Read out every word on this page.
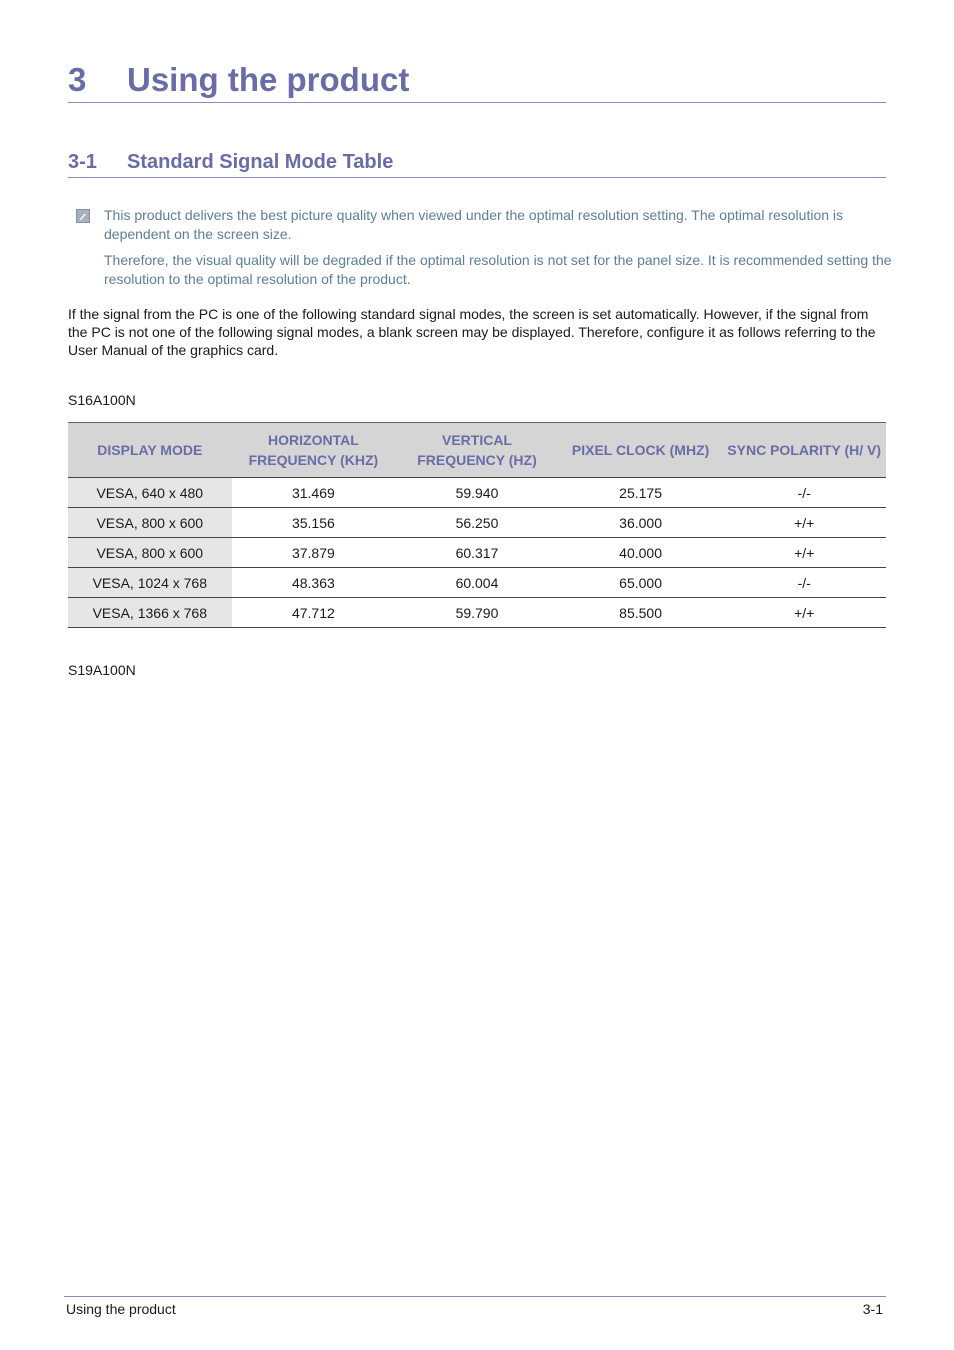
3	Using the product
3-1	Standard Signal Mode Table
This product delivers the best picture quality when viewed under the optimal resolution setting. The optimal resolution is dependent on the screen size.
Therefore, the visual quality will be degraded if the optimal resolution is not set for the panel size. It is recommended setting the resolution to the optimal resolution of the product.
If the signal from the PC is one of the following standard signal modes, the screen is set automatically. However, if the signal from the PC is not one of the following signal modes, a blank screen may be displayed. Therefore, configure it as follows referring to the User Manual of the graphics card.
S16A100N
DISPLAY MODE	HORIZONTAL FREQUENCY (KHZ)	VERTICAL FREQUENCY (HZ)	PIXEL CLOCK (MHZ)	SYNC POLARITY (H/ V)
VESA, 640 x 480	31.469	59.940	25.175	-/-
VESA, 800 x 600	35.156	56.250	36.000	+/+
VESA, 800 x 600	37.879	60.317	40.000	+/+
VESA, 1024 x 768	48.363	60.004	65.000	-/-
VESA, 1366 x 768	47.712	59.790	85.500	+/+
S19A100N
Using the product	3-1
